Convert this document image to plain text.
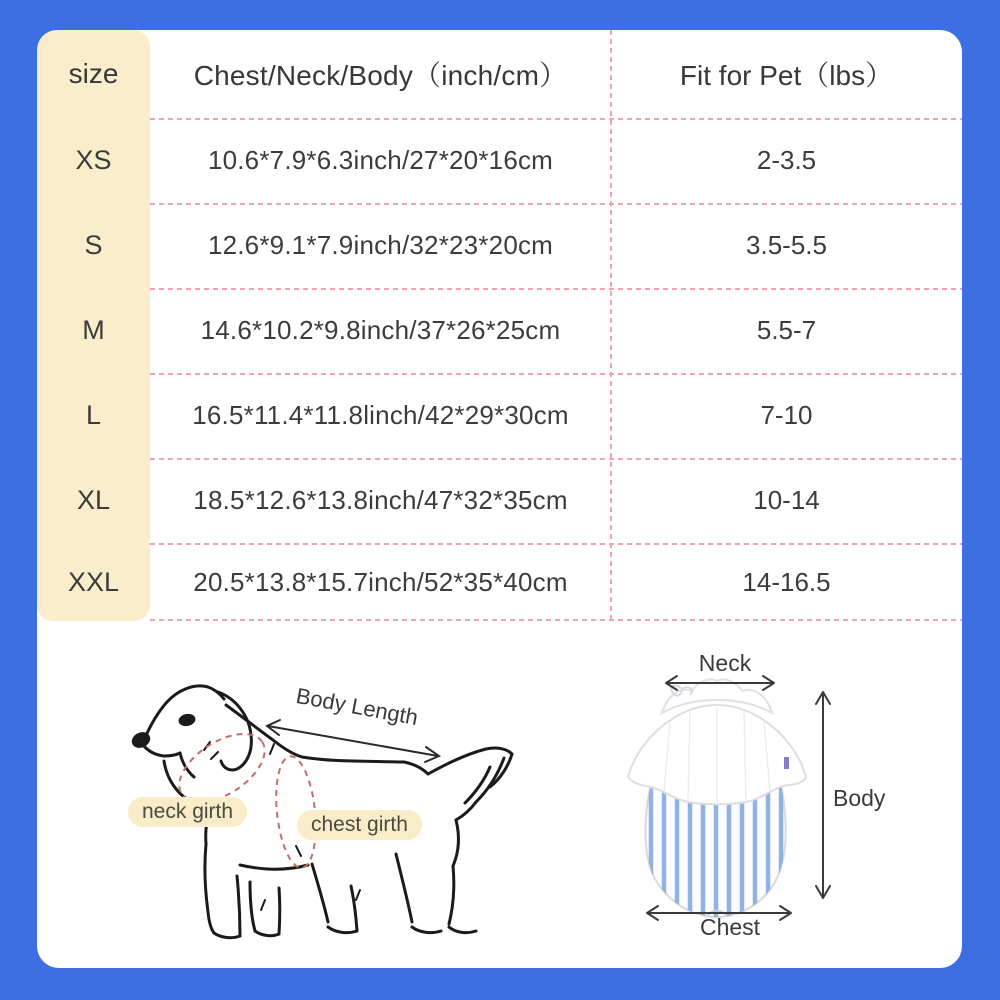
size	Chest/Neck/Body（inch/cm）	Fit for Pet（lbs）
XS	10.6*7.9*6.3inch/27*20*16cm	2-3.5
S	12.6*9.1*7.9inch/32*23*20cm	3.5-5.5
M	14.6*10.2*9.8inch/37*26*25cm	5.5-7
L	16.5*11.4*11.8linch/42*29*30cm	7-10
XL	18.5*12.6*13.8inch/47*32*35cm	10-14
XXL	20.5*13.8*15.7inch/52*35*40cm	14-16.5
Body Length
neck girth
chest girth
Neck
Body
Chest
